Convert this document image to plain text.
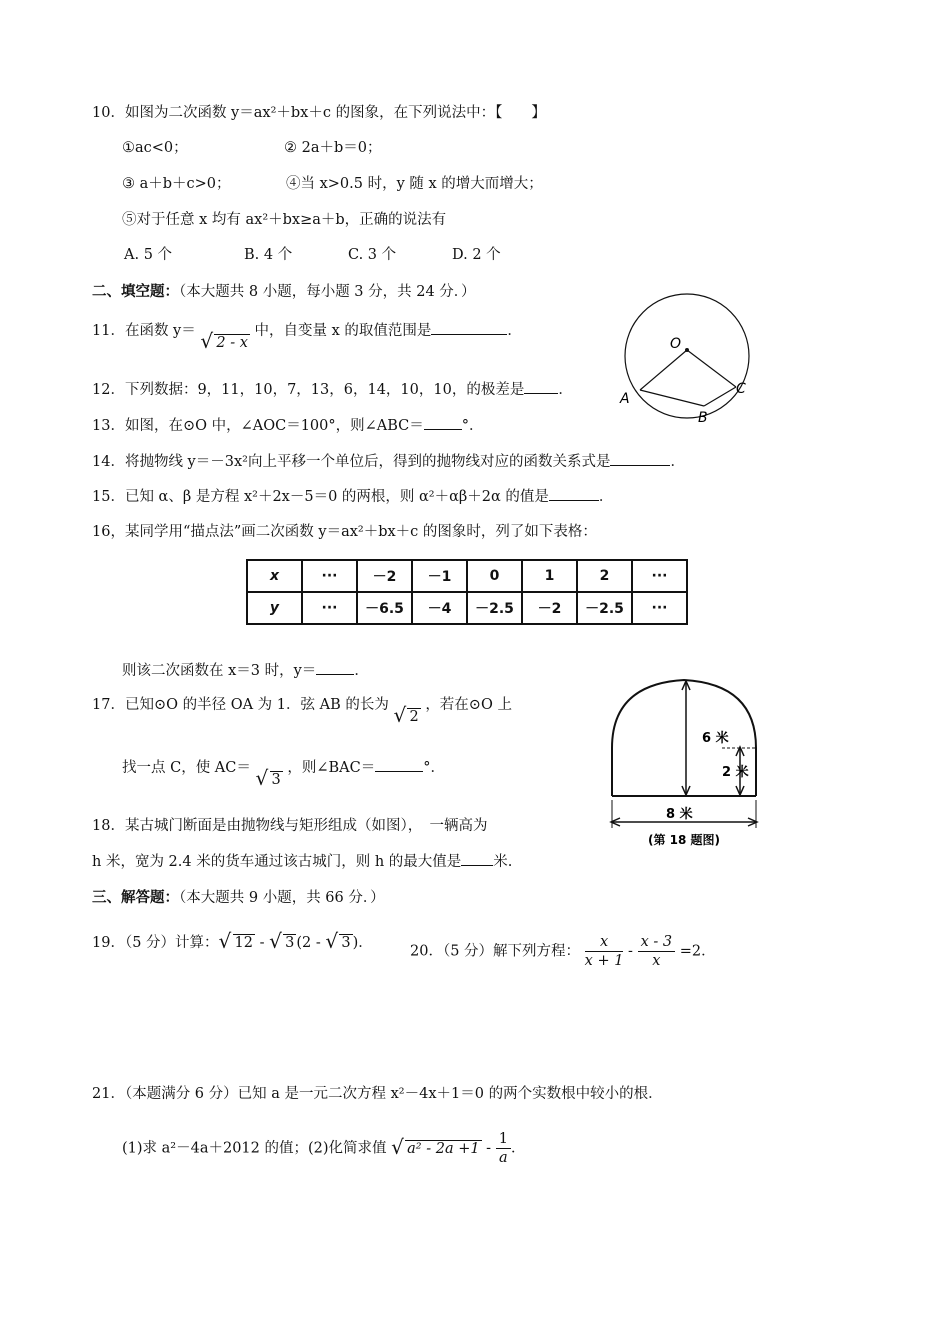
10．如图为二次函数 y＝ax²＋bx＋c 的图象，在下列说法中：【　　】
①ac<0；	② 2a＋b＝0；
③ a＋b＋c>0；	④当 x>0.5 时，y 随 x 的增大而增大；
⑤对于任意 x 均有 ax²＋bx≥a＋b，正确的说法有
A. 5 个	B. 4 个	C. 3 个	D. 2 个
二、填空题：（本大题共 8 小题，每小题 3 分，共 24 分．）
11．在函数 y＝ √ 2 - x 中，自变量 x 的取值范围是	．
12．下列数据：9，11，10，7，13，6，14，10，10，的极差是 ．
13．如图，在⊙O 中，∠AOC＝100°，则∠ABC＝	°．
14．将抛物线 y＝－3x²向上平移一个单位后，得到的抛物线对应的函数关系式是	．
15．已知 α、β 是方程 x²＋2x－5＝0 的两根，则 α²＋αβ＋2α 的值是	．
16，某同学用“描点法”画二次函数 y＝ax²＋bx＋c 的图象时，列了如下表格：
x	···	－2	－1	0	1	2	···
y	···	－6.5	－4	－2.5	－2	－2.5	···
则该二次函数在 x＝3 时，y＝	．
17．已知⊙O 的半径 OA 为 1．弦 AB 的长为 √ 2 ，若在⊙O 上
找一点 C，使 AC＝ √ 3 ，则∠BAC＝	°．
18．某古城门断面是由抛物线与矩形组成（如图），　一辆高为
h 米，宽为 2.4 米的货车通过该古城门，则 h 的最大值是 米.
三、解答题：（本大题共 9 小题，共 66 分．）
19．（5 分）计算： √ 12 - √ 3 (2 - √ 3 )．
20．（5 分）解下列方程： $\frac{x}{x + 1} - \frac{x - 3}{x} =2$．
21．（本题满分 6 分）已知 a 是一元二次方程 x²－4x＋1＝0 的两个实数根中较小的根．
(1)求 a²－4a＋2012 的值；(2)化简求值 √ $a^2 - 2a +1 - \frac{1}{a}$ ．
O
A
B
C
6 米
2 米
8 米
(第 18 题图)
